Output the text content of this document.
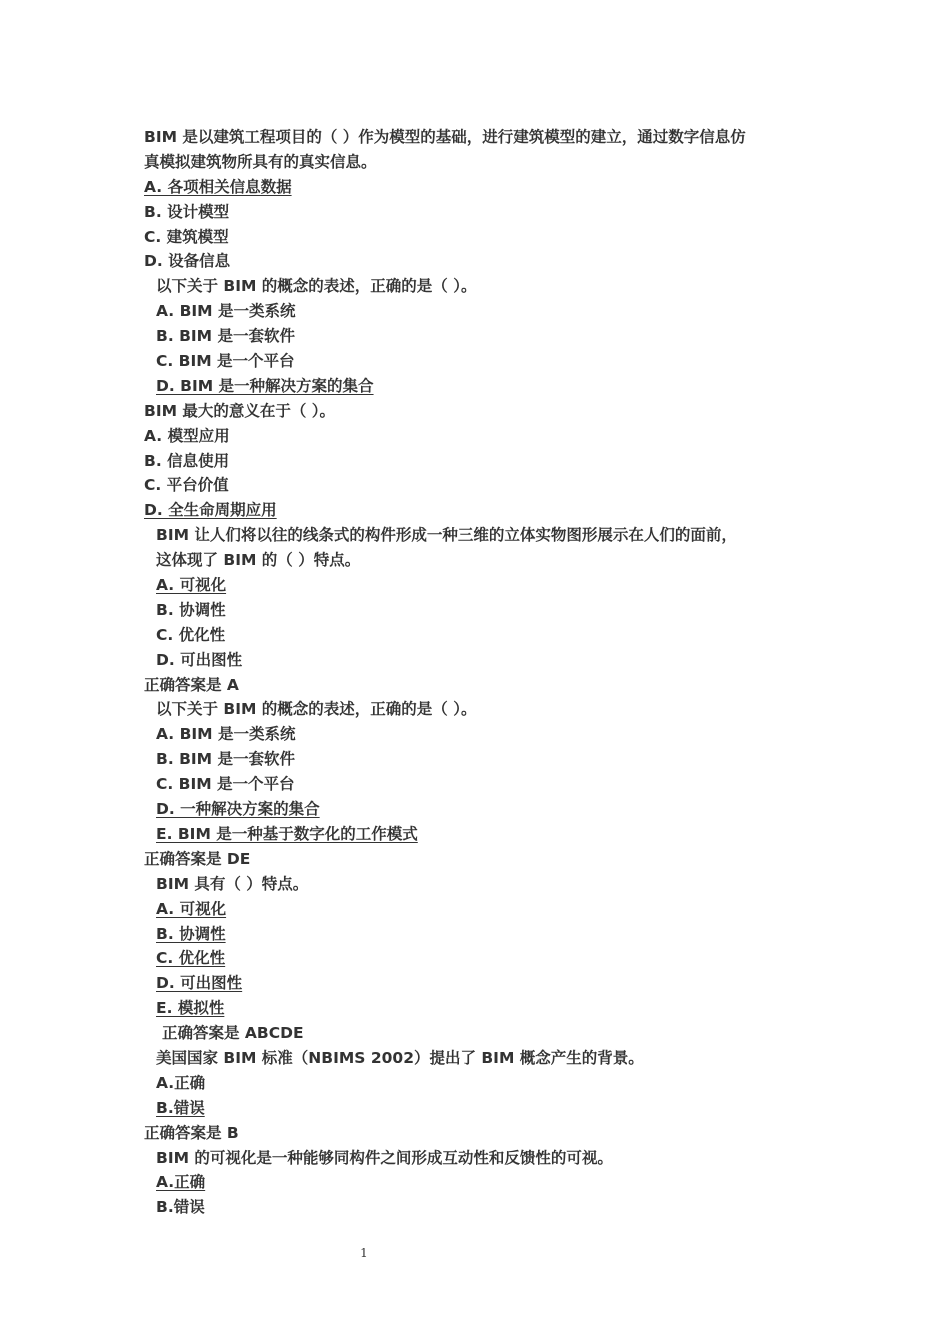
BIM 是以建筑工程项目的（ ）作为模型的基础，进行建筑模型的建立，通过数字信息仿
真模拟建筑物所具有的真实信息。
A. 各项相关信息数据
B. 设计模型
C. 建筑模型
D. 设备信息
以下关于 BIM 的概念的表述，正确的是（ ）。
A. BIM 是一类系统
B. BIM 是一套软件
C. BIM 是一个平台
D. BIM 是一种解决方案的集合
BIM 最大的意义在于（ ）。
A. 模型应用
B. 信息使用
C. 平台价值
D. 全生命周期应用
BIM 让人们将以往的线条式的构件形成一种三维的立体实物图形展示在人们的面前，
这体现了 BIM 的（ ）特点。
A. 可视化
B. 协调性
C. 优化性
D. 可出图性
正确答案是 A
以下关于 BIM 的概念的表述，正确的是（ ）。
A. BIM 是一类系统
B. BIM 是一套软件
C. BIM 是一个平台
D. 一种解决方案的集合
E. BIM 是一种基于数字化的工作模式
正确答案是 DE
BIM 具有（ ）特点。
A. 可视化
B. 协调性
C. 优化性
D. 可出图性
E. 模拟性
正确答案是 ABCDE
美国国家 BIM 标准（NBIMS 2002）提出了 BIM 概念产生的背景。
A.正确
B.错误
正确答案是 B
BIM 的可视化是一种能够同构件之间形成互动性和反馈性的可视。
A.正确
B.错误
1
